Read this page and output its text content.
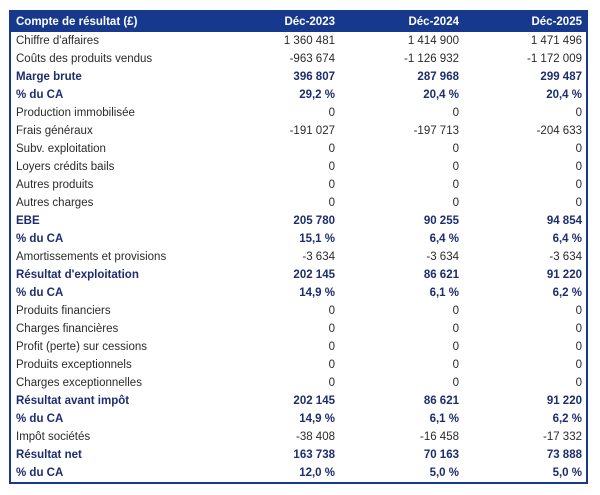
Compte de résultat (£)	Déc-2023	Déc-2024	Déc-2025
Chiffre d'affaires	1 360 481	1 414 900	1 471 496
Coûts des produits vendus	-963 674	-1 126 932	-1 172 009
Marge brute	396 807	287 968	299 487
% du CA	29,2 %	20,4 %	20,4 %
Production immobilisée	0	0	0
Frais généraux	-191 027	-197 713	-204 633
Subv. exploitation	0	0	0
Loyers crédits bails	0	0	0
Autres produits	0	0	0
Autres charges	0	0	0
EBE	205 780	90 255	94 854
% du CA	15,1 %	6,4 %	6,4 %
Amortissements et provisions	-3 634	-3 634	-3 634
Résultat d'exploitation	202 145	86 621	91 220
% du CA	14,9 %	6,1 %	6,2 %
Produits financiers	0	0	0
Charges financières	0	0	0
Profit (perte) sur cessions	0	0	0
Produits exceptionnels	0	0	0
Charges exceptionnelles	0	0	0
Résultat avant impôt	202 145	86 621	91 220
% du CA	14,9 %	6,1 %	6,2 %
Impôt sociétés	-38 408	-16 458	-17 332
Résultat net	163 738	70 163	73 888
% du CA	12,0 %	5,0 %	5,0 %
